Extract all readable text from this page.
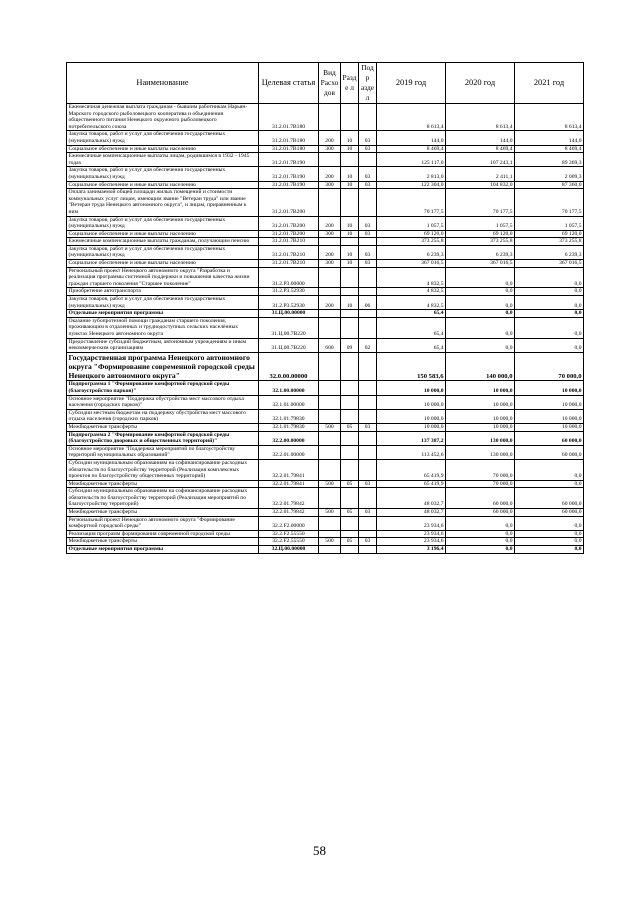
Наименование	Целевая статья	Вид Расхо дов	Разде л	Подр аздел	2019 год	2020 год	2021 год
Ежемесячная денежная выплата гражданам - бывшим работникам Нарьян-Марского городского рыболовецкого кооператива и объединения общественного питания Ненецкого окружного рыболовецкого потребительского союза	31.2.01.7В180				8 613,4	8 613,4	8 613,4
Закупка товаров, работ и услуг для обеспечения государственных (муниципальных) нужд	31.2.01.7В180	200	10	03	144,0	144,0	144,0
Социальное обеспечение и иные выплаты населению	31.2.01.7В180	300	10	03	8 469,4	8 469,4	8 469,4
Ежемесячные компенсационные выплаты лицам, родившимся в 1932 - 1945 годах	31.2.01.7В190				125 117,0	107 243,1	89 369,3
Закупка товаров, работ и услуг для обеспечения государственных (муниципальных) нужд	31.2.01.7В190	200	10	03	2 813,0	2 411,1	2 009,3
Социальное обеспечение и иные выплаты населению	31.2.01.7В190	300	10	03	122 304,0	104 832,0	87 360,0
Оплата занимаемой общей площади жилых помещений и стоимости коммунальных услуг лицам, имеющим звание "Ветеран труда" или звание "Ветеран труда Ненецкого автономного округа", и лицам, приравненным к ним	31.2.01.7В200				70 177,5	70 177,5	70 177,5
Закупка товаров, работ и услуг для обеспечения государственных (муниципальных) нужд	31.2.01.7В200	200	10	03	1 057,5	1 057,5	1 057,5
Социальное обеспечение и иные выплаты населению	31.2.01.7В200	300	10	03	69 120,0	69 120,0	69 120,0
Ежемесячные компенсационные выплаты гражданам, получающим пенсию	31.2.01.7В210				373 255,8	373 255,8	373 255,8
Закупка товаров, работ и услуг для обеспечения государственных (муниципальных) нужд	31.2.01.7В210	200	10	03	6 239,3	6 239,3	6 239,3
Социальное обеспечение и иные выплаты населению	31.2.01.7В210	300	10	03	367 016,5	367 016,5	367 016,5
Региональный проект Ненецкого автономного округа "Разработка и реализация программы системной поддержки и повышения качества жизни граждан старшего поколения "Старшее поколение"	31.2.Р3.00000				4 832,5	0,0	0,0
Приобретение автотранспорта	31.2.Р3.52930				4 832,5	0,0	0,0
Закупка товаров, работ и услуг для обеспечения государственных (муниципальных) нужд	31.2.Р3.52930	200	10	06	4 832,5	0,0	0,0
Отдельные мероприятия программы	31.Ц.00.00000				65,4	0,0	0,0
Оказание зубопротезной помощи гражданам старшего поколения, проживающим в отдаленных и труднодоступных сельских населённых пунктах Ненецкого автономного округа	31.Ц.00.7В220				65,4	0,0	0,0
Предоставление субсидий бюджетным, автономным учреждениям и иным некоммерческим организациям	31.Ц.00.7В220	600	09	02	65,4	0,0	0,0
Государственная программа Ненецкого автономного округа "Формирование современной городской среды Ненецкого автономного округа"	32.0.00.00000				150 583,6	140 000,0	70 000,0
Подпрограмма 1 "Формирование комфортной городской среды (благоустройство парков)"	32.1.00.00000				10 000,0	10 000,0	10 000,0
Основное мероприятие "Поддержка обустройства мест массового отдыха населения (городских парков)"	32.1.01.00000				10 000,0	10 000,0	10 000,0
Субсидии местным бюджетам на поддержку обустройства мест массового отдыха населения (городских парков)	32.1.01.79830				10 000,0	10 000,0	10 000,0
Межбюджетные трансферты	32.1.01.79830	500	05	03	10 000,0	10 000,0	10 000,0
Подпрограмма 2 "Формирование комфортной городской среды (благоустройство дворовых и общественных территорий)"	32.2.00.00000				137 387,2	130 000,0	60 000,0
Основное мероприятие "Поддержка мероприятий по благоустройству территорий муниципальных образований"	32.2.01.00000				113 452,6	130 000,0	60 000,0
Субсидии муниципальным образованиям на софинансирование расходных обязательств по благоустройству территорий (Реализация комплексных проектов по благоустройству общественных территорий)	32.2.01.79841				65 419,9	70 000,0	0,0
Межбюджетные трансферты	32.2.01.79841	500	05	03	65 419,9	70 000,0	0,0
Субсидии муниципальным образованиям на софинансирование расходных обязательств по благоустройству территорий (Реализация мероприятий по благоустройству территорий)	32.2.01.79842				48 032,7	60 000,0	60 000,0
Межбюджетные трансферты	32.2.01.79842	500	05	03	48 032,7	60 000,0	60 000,0
Региональный проект Ненецкого автономного округа "Формирование комфортной городской среды"	32.2.F2.00000				23 934,6	0,0	0,0
Реализация программ формирования современной городской среды	32.2.F2.55550				23 934,6	0,0	0,0
Межбюджетные трансферты	32.2.F2.55550	500	05	03	23 934,6	0,0	0,0
Отдельные мероприятия программы	32.Ц.00.00000				3 196,4	0,0	0,0
58
